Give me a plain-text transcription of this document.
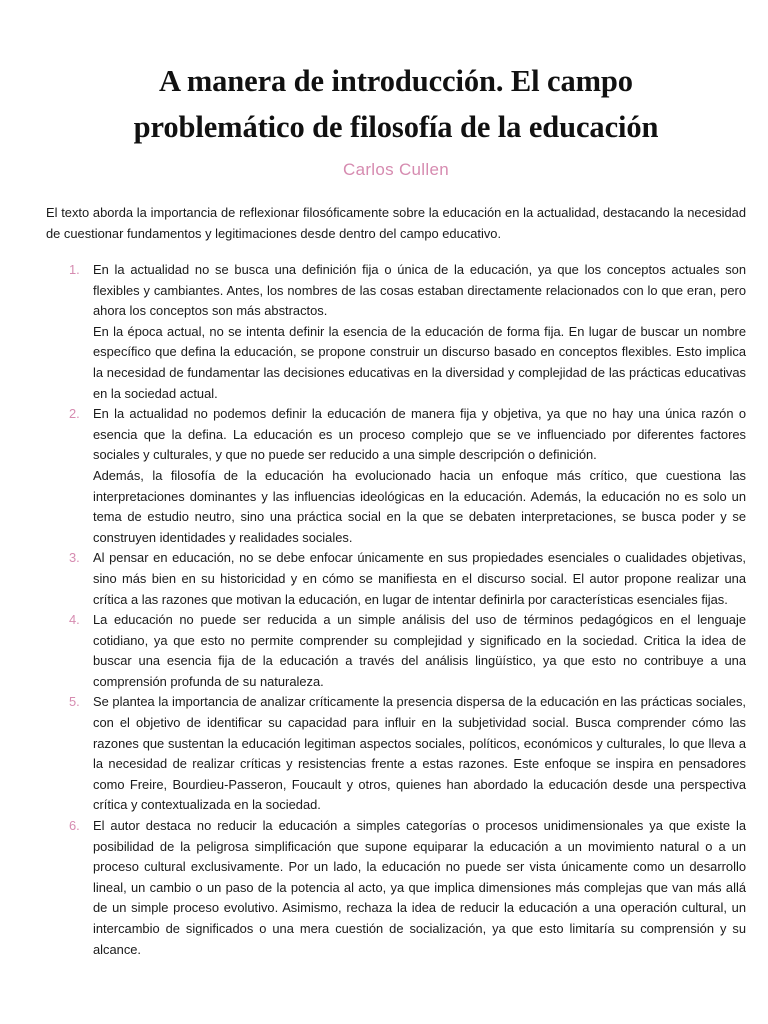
A manera de introducción. El campo
problemático de filosofía de la educación
Carlos Cullen

El texto aborda la importancia de reflexionar filosóficamente sobre la educación en la actualidad, destacando la necesidad de cuestionar fundamentos y legitimaciones desde dentro del campo educativo.

1. En la actualidad no se busca una definición fija o única de la educación, ya que los conceptos actuales son flexibles y cambiantes. Antes, los nombres de las cosas estaban directamente relacionados con lo que eran, pero ahora los conceptos son más abstractos.

En la época actual, no se intenta definir la esencia de la educación de forma fija. En lugar de buscar un nombre específico que defina la educación, se propone construir un discurso basado en conceptos flexibles. Esto implica la necesidad de fundamentar las decisiones educativas en la diversidad y complejidad de las prácticas educativas en la sociedad actual.

2. En la actualidad no podemos definir la educación de manera fija y objetiva, ya que no hay una única razón o esencia que la defina. La educación es un proceso complejo que se ve influenciado por diferentes factores sociales y culturales, y que no puede ser reducido a una simple descripción o definición.

Además, la filosofía de la educación ha evolucionado hacia un enfoque más crítico, que cuestiona las interpretaciones dominantes y las influencias ideológicas en la educación. Además, la educación no es solo un tema de estudio neutro, sino una práctica social en la que se debaten interpretaciones, se busca poder y se construyen identidades y realidades sociales.

3. Al pensar en educación, no se debe enfocar únicamente en sus propiedades esenciales o cualidades objetivas, sino más bien en su historicidad y en cómo se manifiesta en el discurso social. El autor propone realizar una crítica a las razones que motivan la educación, en lugar de intentar definirla por características esenciales fijas.

4. La educación no puede ser reducida a un simple análisis del uso de términos pedagógicos en el lenguaje cotidiano, ya que esto no permite comprender su complejidad y significado en la sociedad. Critica la idea de buscar una esencia fija de la educación a través del análisis lingüístico, ya que esto no contribuye a una comprensión profunda de su naturaleza.

5. Se plantea la importancia de analizar críticamente la presencia dispersa de la educación en las prácticas sociales, con el objetivo de identificar su capacidad para influir en la subjetividad social. Busca comprender cómo las razones que sustentan la educación legitiman aspectos sociales, políticos, económicos y culturales, lo que lleva a la necesidad de realizar críticas y resistencias frente a estas razones. Este enfoque se inspira en pensadores como Freire, Bourdieu-Passeron, Foucault y otros, quienes han abordado la educación desde una perspectiva crítica y contextualizada en la sociedad.

6. El autor destaca no reducir la educación a simples categorías o procesos unidimensionales ya que existe la posibilidad de la peligrosa simplificación que supone equiparar la educación a un movimiento natural o a un proceso cultural exclusivamente. Por un lado, la educación no puede ser vista únicamente como un desarrollo lineal, un cambio o un paso de la potencia al acto, ya que implica dimensiones más complejas que van más allá de un simple proceso evolutivo. Asimismo, rechaza la idea de reducir la educación a una operación cultural, un intercambio de significados o una mera cuestión de socialización, ya que esto limitaría su comprensión y su alcance.
